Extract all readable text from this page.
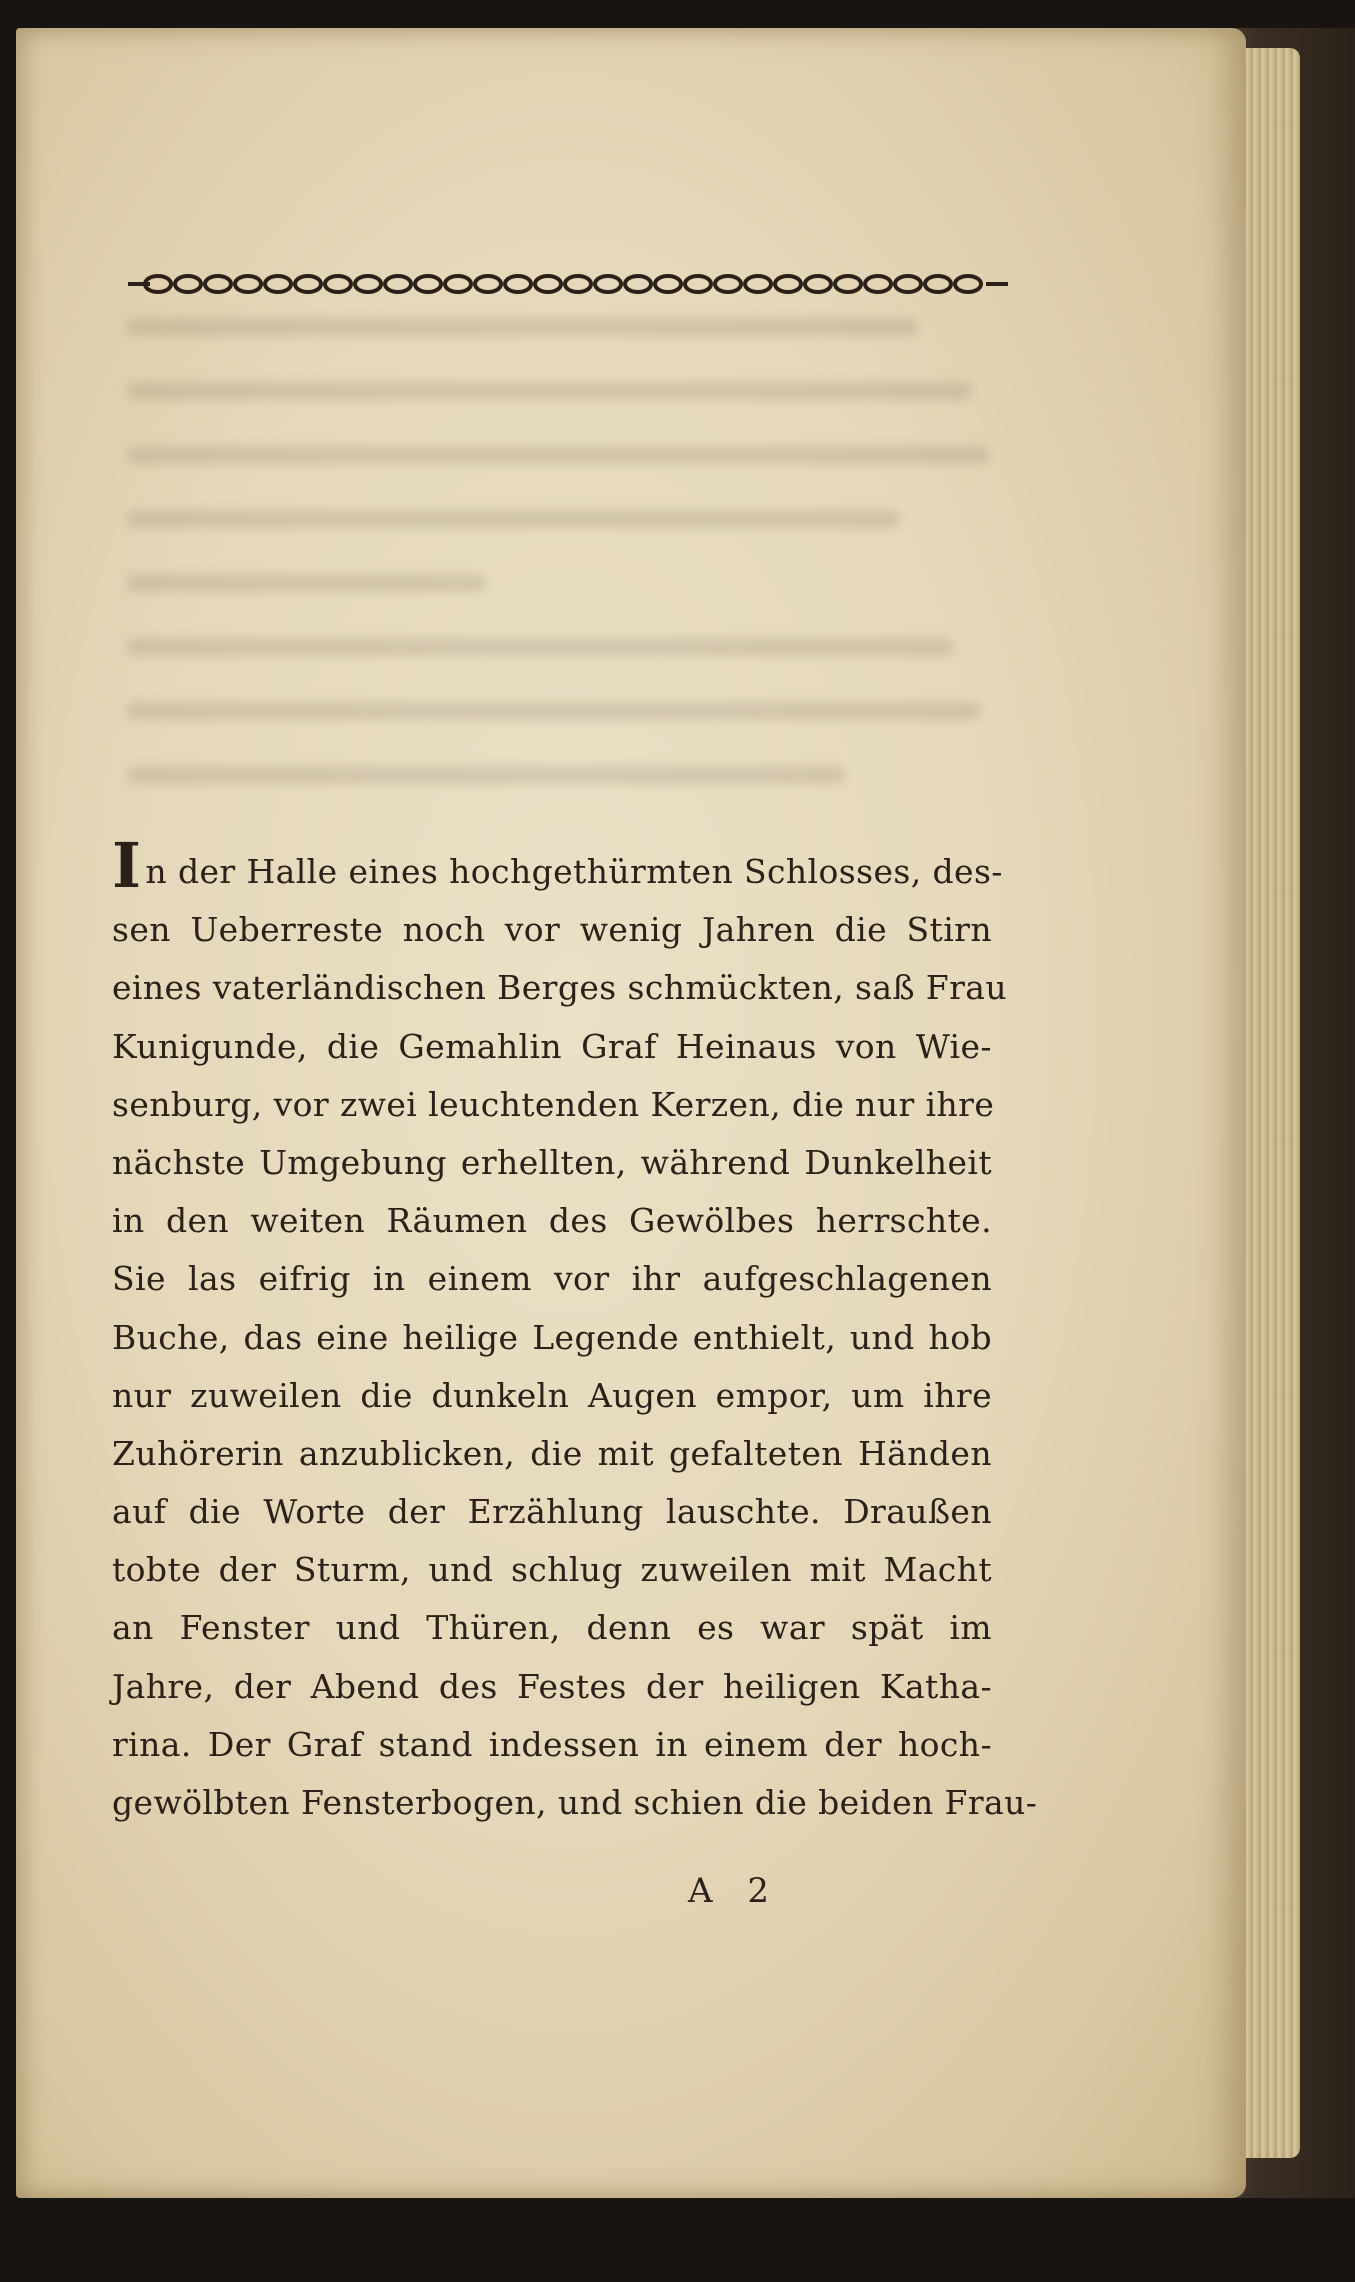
In der Halle eines hochgethürmten Schlosses, des-
sen Ueberreste noch vor wenig Jahren die Stirn
eines vaterländischen Berges schmückten, saß Frau
Kunigunde, die Gemahlin Graf Heinaus von Wie-
senburg, vor zwei leuchtenden Kerzen, die nur ihre
nächste Umgebung erhellten, während Dunkelheit
in den weiten Räumen des Gewölbes herrschte.
Sie las eifrig in einem vor ihr aufgeschlagenen
Buche, das eine heilige Legende enthielt, und hob
nur zuweilen die dunkeln Augen empor, um ihre
Zuhörerin anzublicken, die mit gefalteten Händen
auf die Worte der Erzählung lauschte. Draußen
tobte der Sturm, und schlug zuweilen mit Macht
an Fenster und Thüren, denn es war spät im
Jahre, der Abend des Festes der heiligen Katha-
rina. Der Graf stand indessen in einem der hoch-
gewölbten Fensterbogen, und schien die beiden Frau-
A 2
